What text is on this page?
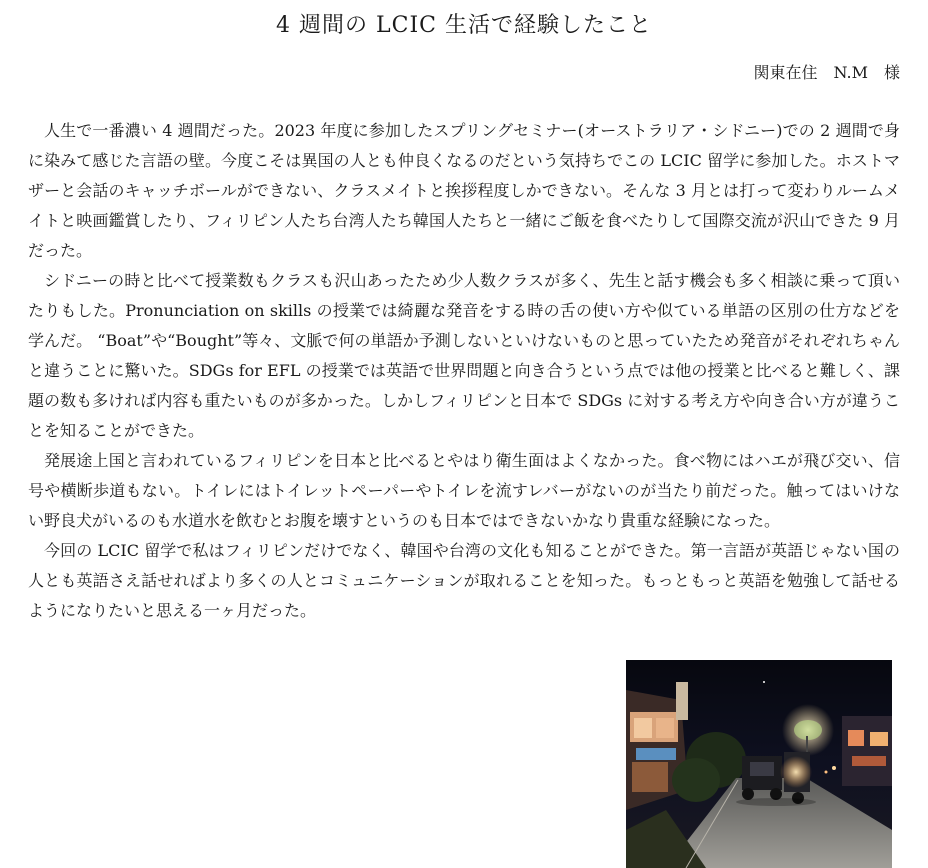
4 週間の LCIC 生活で経験したこと
関東在住　N.M　様

人生で一番濃い 4 週間だった。2023 年度に参加したスプリングセミナー(オーストラリア・シドニー)での 2 週間で身に染みて感じた言語の壁。今度こそは異国の人とも仲良くなるのだという気持ちでこの LCIC 留学に参加した。ホストマザーと会話のキャッチボールができない、クラスメイトと挨拶程度しかできない。そんな 3 月とは打って変わりルームメイトと映画鑑賞したり、フィリピン人たち台湾人たち韓国人たちと一緒にご飯を食べたりして国際交流が沢山できた 9 月だった。

シドニーの時と比べて授業数もクラスも沢山あったため少人数クラスが多く、先生と話す機会も多く相談に乗って頂いたりもした。Pronunciation on skills の授業では綺麗な発音をする時の舌の使い方や似ている単語の区別の仕方などを学んだ。 “Boat”や“Bought”等々、文脈で何の単語か予測しないといけないものと思っていたため発音がそれぞれちゃんと違うことに驚いた。SDGs for EFL の授業では英語で世界問題と向き合うという点では他の授業と比べると難しく、課題の数も多ければ内容も重たいものが多かった。しかしフィリピンと日本で SDGs に対する考え方や向き合い方が違うことを知ることができた。

発展途上国と言われているフィリピンを日本と比べるとやはり衛生面はよくなかった。食べ物にはハエが飛び交い、信号や横断歩道もない。トイレにはトイレットペーパーやトイレを流すレバーがないのが当たり前だった。触ってはいけない野良犬がいるのも水道水を飲むとお腹を壊すというのも日本ではできないかなり貴重な経験になった。

今回の LCIC 留学で私はフィリピンだけでなく、韓国や台湾の文化も知ることができた。第一言語が英語じゃない国の人とも英語さえ話せればより多くの人とコミュニケーションが取れることを知った。もっともっと英語を勉強して話せるようになりたいと思える一ヶ月だった。
